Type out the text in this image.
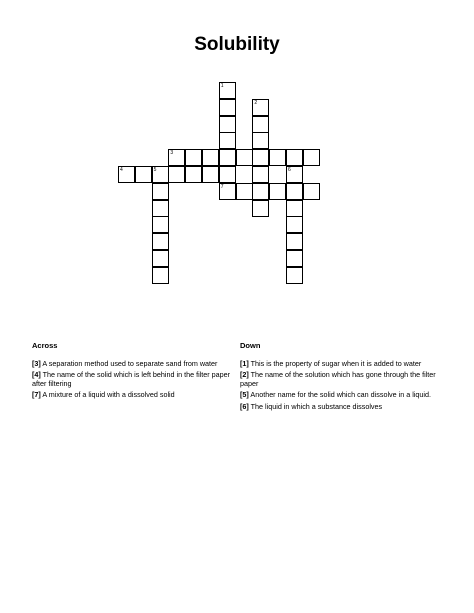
Solubility
1
7
2
3
4	5	6
Across
[3] A separation method used to separate sand from water
[4] The name of the solid which is left behind in the filter paper after filtering
[7] A mixture of a liquid with a dissolved solid
Down
[1] This is the property of sugar when it is added to water
[2] The name of the solution which has gone through the filter paper
[5] Another name for the solid which can dissolve in a liquid.
[6] The liquid in which a substance dissolves
